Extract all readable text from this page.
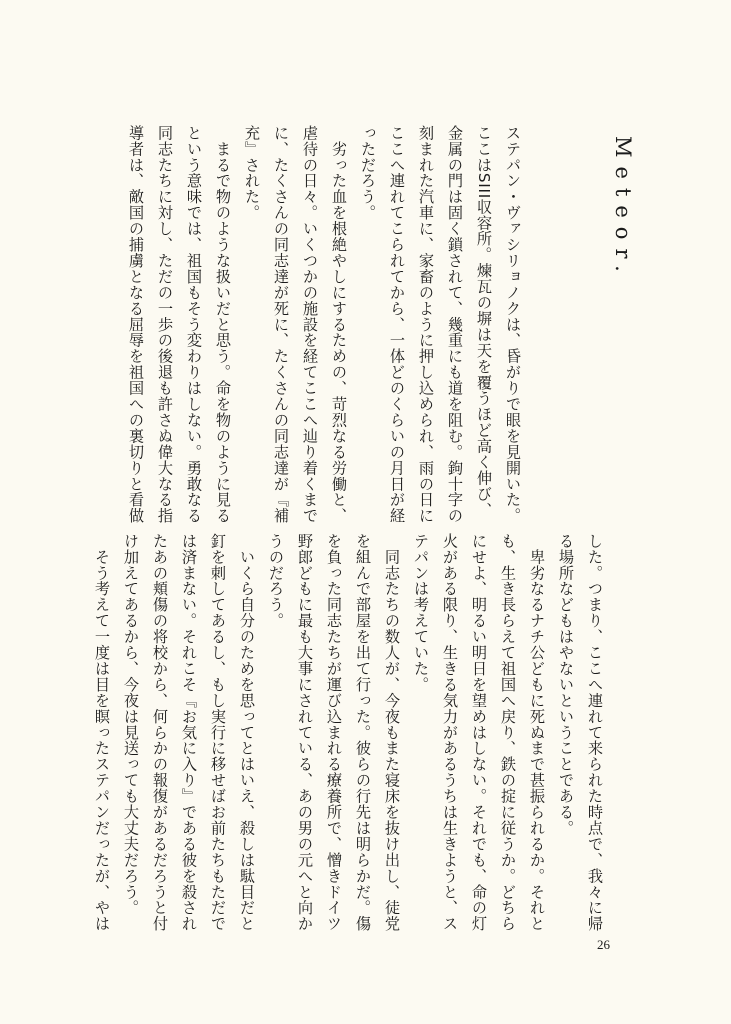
Meteor.
ステパン・ヴァシリョノクは、昏がりで眼を見開いた。
ここはSIII収容所。煉瓦の塀は天を覆うほど高く伸び、
金属の門は固く鎖されて、幾重にも道を阻む。鉤十字の
刻まれた汽車に、家畜のように押し込められ、雨の日に
ここへ連れてこられてから、一体どのくらいの月日が経
っただろう。
　劣った血を根絶やしにするための、苛烈なる労働と、
虐待の日々。いくつかの施設を経てここへ辿り着くまで
に、たくさんの同志達が死に、たくさんの同志達が『補
充』された。
　まるで物のような扱いだと思う。命を物のように見る
という意味では、祖国もそう変わりはしない。勇敢なる
同志たちに対し、ただの一歩の後退も許さぬ偉大なる指
導者は、敵国の捕虜となる屈辱を祖国への裏切りと看做
した。つまり、ここへ連れて来られた時点で、我々に帰
る場所などもはやないということである。
　卑劣なるナチ公どもに死ぬまで甚振られるか。それと
も、生き長らえて祖国へ戻り、鉄の掟に従うか。どちら
にせよ、明るい明日を望めはしない。それでも、命の灯
火がある限り、生きる気力があるうちは生きようと、ス
テパンは考えていた。
　同志たちの数人が、今夜もまた寝床を抜け出し、徒党
を組んで部屋を出て行った。彼らの行先は明らかだ。傷
を負った同志たちが運び込まれる療養所で、憎きドイツ
野郎どもに最も大事にされている、あの男の元へと向か
うのだろう。
　いくら自分のためを思ってとはいえ、殺しは駄目だと
釘を刺してあるし、もし実行に移せばお前たちもただで
は済まない。それこそ『お気に入り』である彼を殺され
たあの頬傷の将校から、何らかの報復があるだろうと付
け加えてあるから、今夜は見送っても大丈夫だろう。
　そう考えて一度は目を瞑ったステパンだったが、やは
26
